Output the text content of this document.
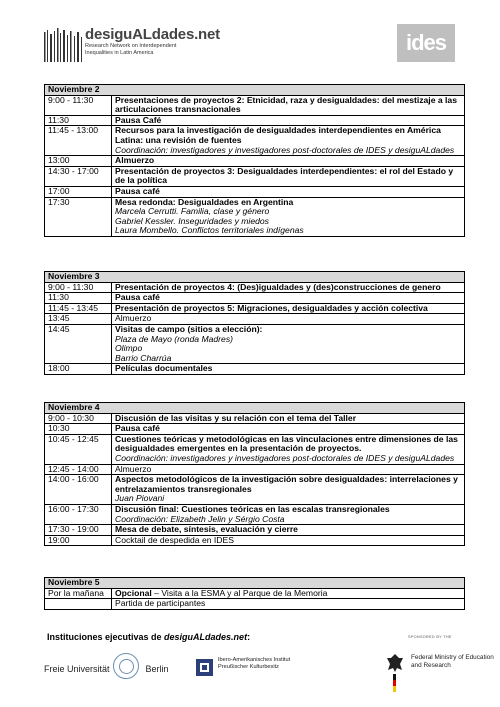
desiguALdades.net
Research Network on Interdependent Inequalities in Latin America	ides
Noviembre 2	
9:00 - 11:30	Presentaciones de proyectos 2: Etnicidad, raza y desigualdades: del mestizaje a las articulaciones transnacionales

11:30	Pausa Café

11:45 - 13:00	Recursos para la investigación de desigualdades interdependientes en América Latina: una revisión de fuentes
Coordinación: investigadores y investigadores post-doctorales de IDES y desiguALdades

13:00	Almuerzo

14:30 - 17:00	Presentación de proyectos 3: Desigualdades interdependientes: el rol del Estado y de la política

17:00	Pausa café

17:30	Mesa redonda: Desigualdades en Argentina
Marcela Cerrutti. Familia, clase y género
Gabriel Kessler. Inseguridades y miedos
Laura Mombello. Conflictos territoriales indígenas
Noviembre 3	
9:00 - 11:30	Presentación de proyectos 4: (Des)igualdades y (des)construcciones de genero

11:30	Pausa café

11:45 - 13:45	Presentación de proyectos 5: Migraciones, desigualdades y acción colectiva

13:45	Almuerzo

14:45	Visitas de campo (sitios a elección):
Plaza de Mayo (ronda Madres)
Olimpo
Barrio Charrúa

18:00	Películas documentales
Noviembre 4	
9:00 - 10:30	Discusión de las visitas y su relación con el tema del Taller

10:30	Pausa café

10:45 - 12:45	Cuestiones teóricas y metodológicas en las vinculaciones entre dimensiones de las desigualdades emergentes en la presentación de proyectos.
Coordinación: investigadores y investigadores post-doctorales de IDES y desiguALdades

12:45 - 14:00	Almuerzo

14:00 - 16:00	Aspectos metodológicos de la investigación sobre desigualdades: interrelaciones y entrelazamientos transregionales
Juan Piovani

16:00 - 17:30	Discusión final: Cuestiones teóricas en las escalas transregionales
Coordinación: Elizabeth Jelin y Sérgio Costa

17:30 - 19:00	Mesa de debate, síntesis, evaluación y cierre

19:00	Cocktail de despedida en IDES
Noviembre 5	
Por la mañana	Opcional – Visita a la ESMA y al Parque de la Memoria

	Partida de participantes
Instituciones ejecutivas de desiguALdades.net:	SPONSORED BY THE
Freie Universität	Berlin
Ibero-Amerikanisches Institut
Preußischer Kulturbesitz
Federal Ministry of Education and Research
